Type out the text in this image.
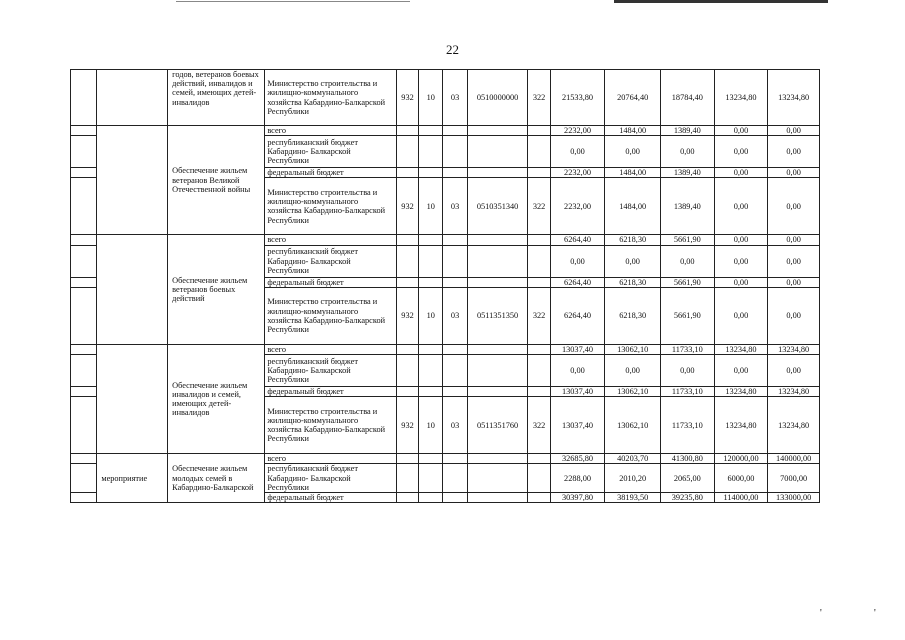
22
		годов, ветеранов боевых действий, инвалидов и семей, имеющих детей-инвалидов	Министерство строительства и жилищно-коммунального хозяйства Кабардино-Балкарской Республики	932	10	03	0510000000	322	21533,80	20764,40	18784,40	13234,80	13234,80
		Обеспечение жильем ветеранов Великой Отечественной войны	всего						2232,00	1484,00	1389,40	0,00	0,00
			республиканский бюджет Кабардино- Балкарской Республики						0,00	0,00	0,00	0,00	0,00
			федеральный бюджет						2232,00	1484,00	1389,40	0,00	0,00
			Министерство строительства и жилищно-коммунального хозяйства Кабардино-Балкарской Республики	932	10	03	0510351340	322	2232,00	1484,00	1389,40	0,00	0,00
		Обеспечение жильем ветеранов боевых действий	всего						6264,40	6218,30	5661,90	0,00	0,00
			республиканский бюджет Кабардино- Балкарской Республики						0,00	0,00	0,00	0,00	0,00
			федеральный бюджет						6264,40	6218,30	5661,90	0,00	0,00
			Министерство строительства и жилищно-коммунального хозяйства Кабардино-Балкарской Республики	932	10	03	0511351350	322	6264,40	6218,30	5661,90	0,00	0,00
		Обеспечение жильем инвалидов и семей, имеющих детей-инвалидов	всего						13037,40	13062,10	11733,10	13234,80	13234,80
			республиканский бюджет Кабардино- Балкарской Республики						0,00	0,00	0,00	0,00	0,00
			федеральный бюджет						13037,40	13062,10	11733,10	13234,80	13234,80
			Министерство строительства и жилищно-коммунального хозяйства Кабардино-Балкарской Республики	932	10	03	0511351760	322	13037,40	13062,10	11733,10	13234,80	13234,80
	мероприятие	Обеспечение жильем молодых семей в Кабардино-Балкарской	всего						32685,80	40203,70	41300,80	120000,00	140000,00
			республиканский бюджет Кабардино- Балкарской Республики						2288,00	2010,20	2065,00	6000,00	7000,00
			федеральный бюджет						30397,80	38193,50	39235,80	114000,00	133000,00
'	'
